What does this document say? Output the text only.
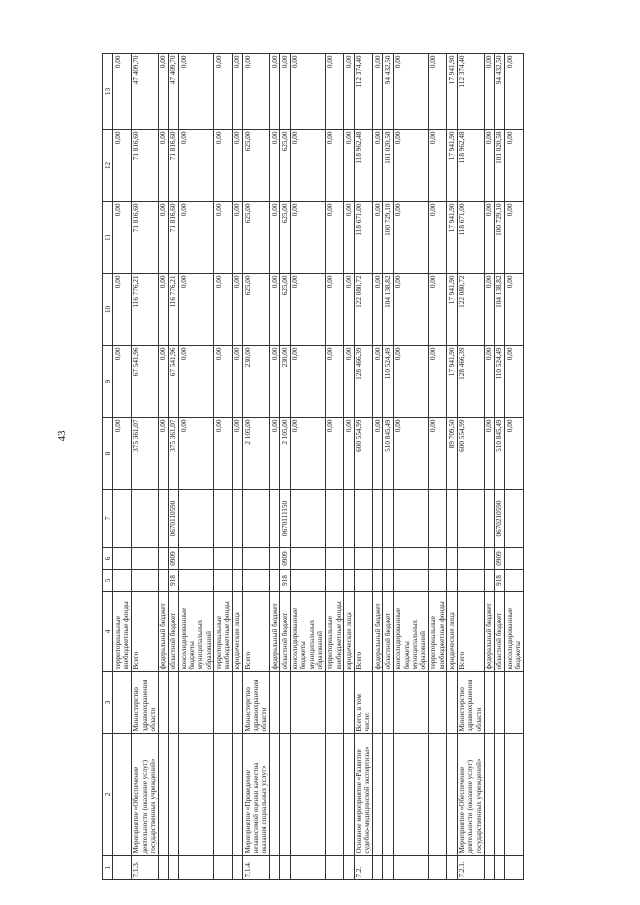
43
1	2	3	4	5	6	7	8	9	10	11	12	13
			территориальные внебюджетные фонды				0,00	0,00	0,00	0,00	0,00	0,00
7.1.3.	Мероприятие «Обеспечение деятельности (оказание услуг) государственных учреждений»	Министерство здравоохранения области	Всего				375 361,07	67 541,96	116 776,21	71 816,60	71 816,60	47 409,70
			федеральный бюджет				0,00	0,00	0,00	0,00	0,00	0,00
			областной бюджет	918	0909	0670110590	375 361,07	67 541,96	116 776,21	71 816,60	71 816,60	47 409,70
			консолидированные бюджеты муниципальных образований				0,00	0,00	0,00	0,00	0,00	0,00
			территориальные внебюджетные фонды				0,00	0,00	0,00	0,00	0,00	0,00
			юридические лица				0,00	0,00	0,00	0,00	0,00	0,00
7.1.4.	Мероприятие «Проведение независимой оценки качества оказания социальных услуг»	Министерство здравоохранения области	Всего				2 105,00	230,00	625,00	625,00	625,00	0,00
			федеральный бюджет				0,00	0,00	0,00	0,00	0,00	0,00
			областной бюджет	918	0909	0670111150	2 105,00	230,00	625,00	625,00	625,00	0,00
			консолидированные бюджеты муниципальных образований				0,00	0,00	0,00	0,00	0,00	0,00
			территориальные внебюджетные фонды				0,00	0,00	0,00	0,00	0,00	0,00
			юридические лица				0,00	0,00	0,00	0,00	0,00	0,00
7.2.	Основное мероприятие «Развитие судебно-медицинской экспертизы»	Всего, в том числе:	Всего				600 554,99	128 466,39	122 080,72	118 671,00	118 962,48	112 374,40
			федеральный бюджет				0,00	0,00	0,00	0,00	0,00	0,00
			областной бюджет				510 845,49	110 524,49	104 138,82	100 729,10	101 020,58	94 432,50
			консолидированные бюджеты муниципальных образований				0,00	0,00	0,00	0,00	0,00	0,00
			территориальные внебюджетные фонды				0,00	0,00	0,00	0,00	0,00	0,00
			юридические лица				89 709,50	17 941,90	17 941,90	17 941,90	17 941,90	17 941,90
7.2.1.	Мероприятие «Обеспечение деятельности (оказание услуг) государственных учреждений»	Министерство здравоохранения области	Всего				600 554,99	128 466,39	122 080,72	118 671,00	118 962,48	112 374,40
			федеральный бюджет				0,00	0,00	0,00	0,00	0,00	0,00
			областной бюджет	918	0909	0670210590	510 845,49	110 524,49	104 138,82	100 729,10	101 020,58	94 432,50
			консолидированные бюджеты				0,00	0,00	0,00	0,00	0,00	0,00
